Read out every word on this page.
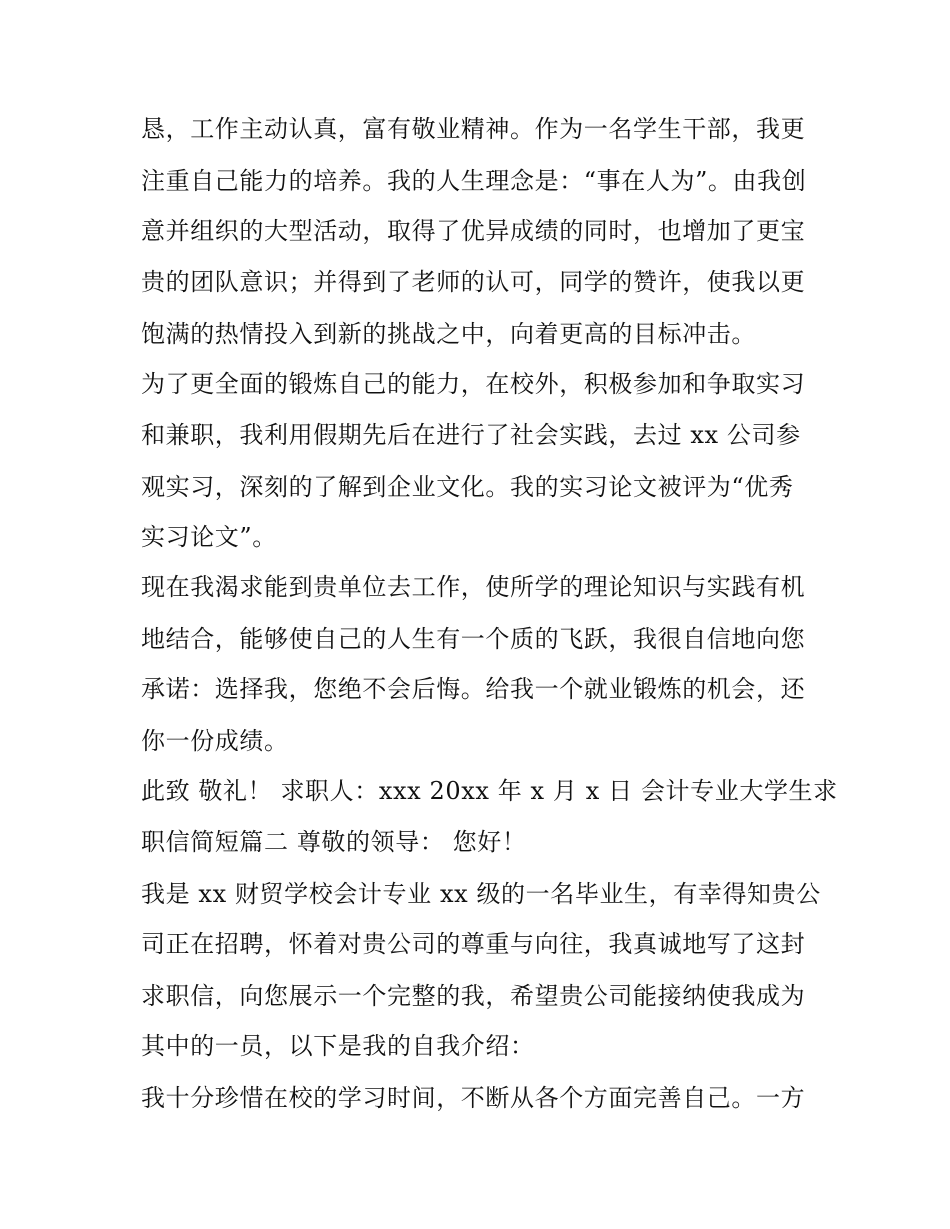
恳，工作主动认真，富有敬业精神。作为一名学生干部，我更
注重自己能力的培养。我的人生理念是：“事在人为”。由我创
意并组织的大型活动，取得了优异成绩的同时，也增加了更宝
贵的团队意识；并得到了老师的认可，同学的赞许，使我以更
饱满的热情投入到新的挑战之中，向着更高的目标冲击。
为了更全面的锻炼自己的能力，在校外，积极参加和争取实习
和兼职，我利用假期先后在进行了社会实践，去过 xx 公司参
观实习，深刻的了解到企业文化。我的实习论文被评为“优秀
实习论文”。
现在我渴求能到贵单位去工作，使所学的理论知识与实践有机
地结合，能够使自己的人生有一个质的飞跃，我很自信地向您
承诺：选择我，您绝不会后悔。给我一个就业锻炼的机会，还
你一份成绩。
此致 敬礼！ 求职人：xxx 20xx 年 x 月 x 日 会计专业大学生求
职信简短篇二 尊敬的领导： 您好！
我是 xx 财贸学校会计专业 xx 级的一名毕业生，有幸得知贵公
司正在招聘，怀着对贵公司的尊重与向往，我真诚地写了这封
求职信，向您展示一个完整的我，希望贵公司能接纳使我成为
其中的一员，以下是我的自我介绍：
我十分珍惜在校的学习时间，不断从各个方面完善自己。一方
